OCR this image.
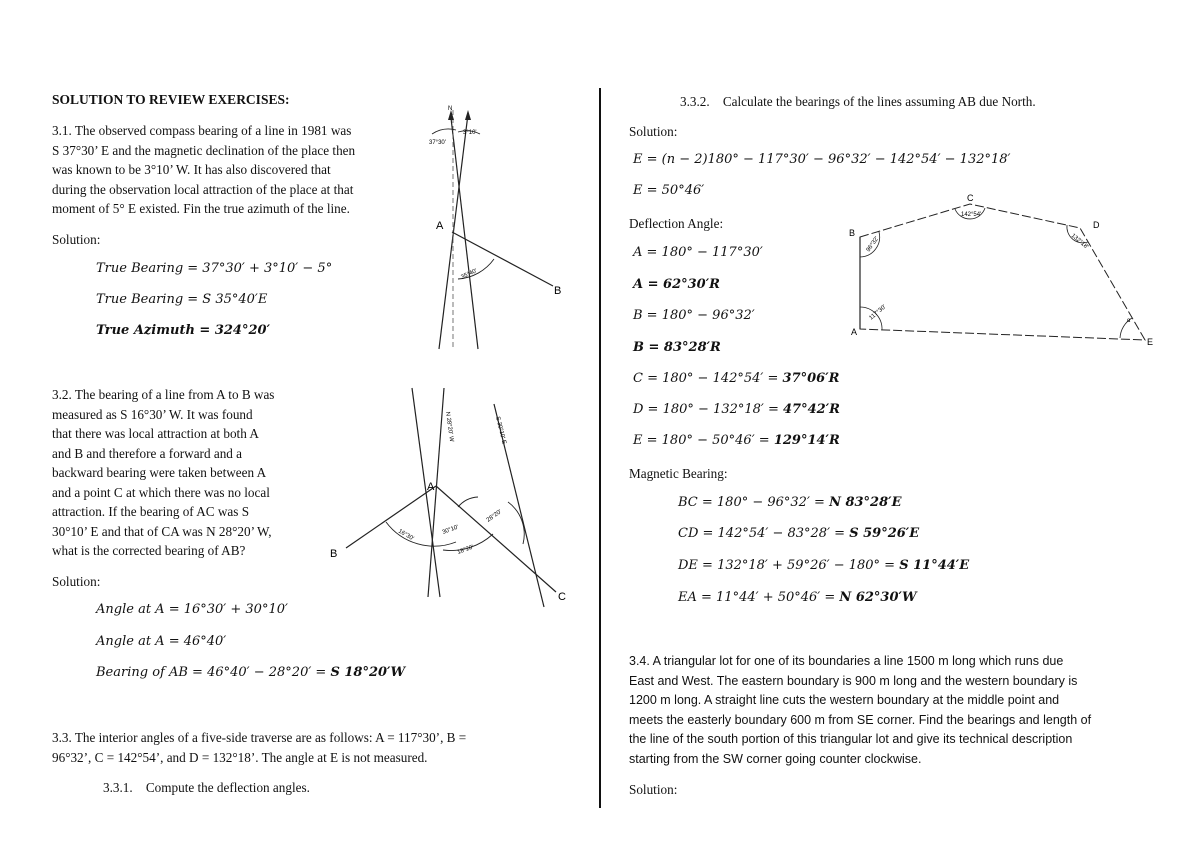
SOLUTION TO REVIEW EXERCISES:
3.1. The observed compass bearing of a line in 1981 was
S 37°30’ E and the magnetic declination of the place then
was known to be 3°10’ W. It has also discovered that
during the observation local attraction of the place at that
moment of 5° E existed. Fin the true azimuth of the line.
Solution:
True Bearing = 37°30′ + 3°10′ − 5°
True Bearing = S 35°40′E
True Azimuth = 324°20′
3.2. The bearing of a line from A to B was
measured as S 16°30’ W. It was found
that there was local attraction at both A
and B and therefore a forward and a
backward bearing were taken between A
and a point C at which there was no local
attraction. If the bearing of AC was S
30°10’ E and that of CA was N 28°20’ W,
what is the corrected bearing of AB?
Solution:
Angle at A = 16°30′ + 30°10′
Angle at A = 46°40′
Bearing of AB = 46°40′ − 28°20′ = S 18°20′W
3.3. The interior angles of a five-side traverse are as follows: A = 117°30’, B =
96°32’, C = 142°54’, and D = 132°18’. The angle at E is not measured.
3.3.1.    Compute the deflection angles.
A
B
N
37°30'
3°10'
35°40'
A
B
C
16°30'	30°10'
28°20'
18°20'
N 28°20' W	S 30°10' E
3.3.2.    Calculate the bearings of the lines assuming AB due North.
Solution:
E = (n − 2)180° − 117°30′ − 96°32′ − 142°54′ − 132°18′
E = 50°46′
Deflection Angle:
A = 180° − 117°30′
A = 62°30′R
B = 180° − 96°32′
B = 83°28′R
C = 180° − 142°54′ = 37°06′R
D = 180° − 132°18′ = 47°42′R
E = 180° − 50°46′ = 129°14′R
Magnetic Bearing:
BC = 180° − 96°32′ = N 83°28′E
CD = 142°54′ − 83°28′ = S 59°26′E
DE = 132°18′ + 59°26′ − 180° = S 11°44′E
EA = 11°44′ + 50°46′ = N 62°30′W
3.4. A triangular lot for one of its boundaries a line 1500 m long which runs due
East and West. The eastern boundary is 900 m long and the western boundary is
1200 m long. A straight line cuts the western boundary at the middle point and
meets the easterly boundary 600 m from SE corner. Find the bearings and length of
the line of the south portion of this triangular lot and give its technical description
starting from the SW corner going counter clockwise.
Solution:
B
C
D
E
A
117°30'
96°32'
142°54'
132°18'
α
